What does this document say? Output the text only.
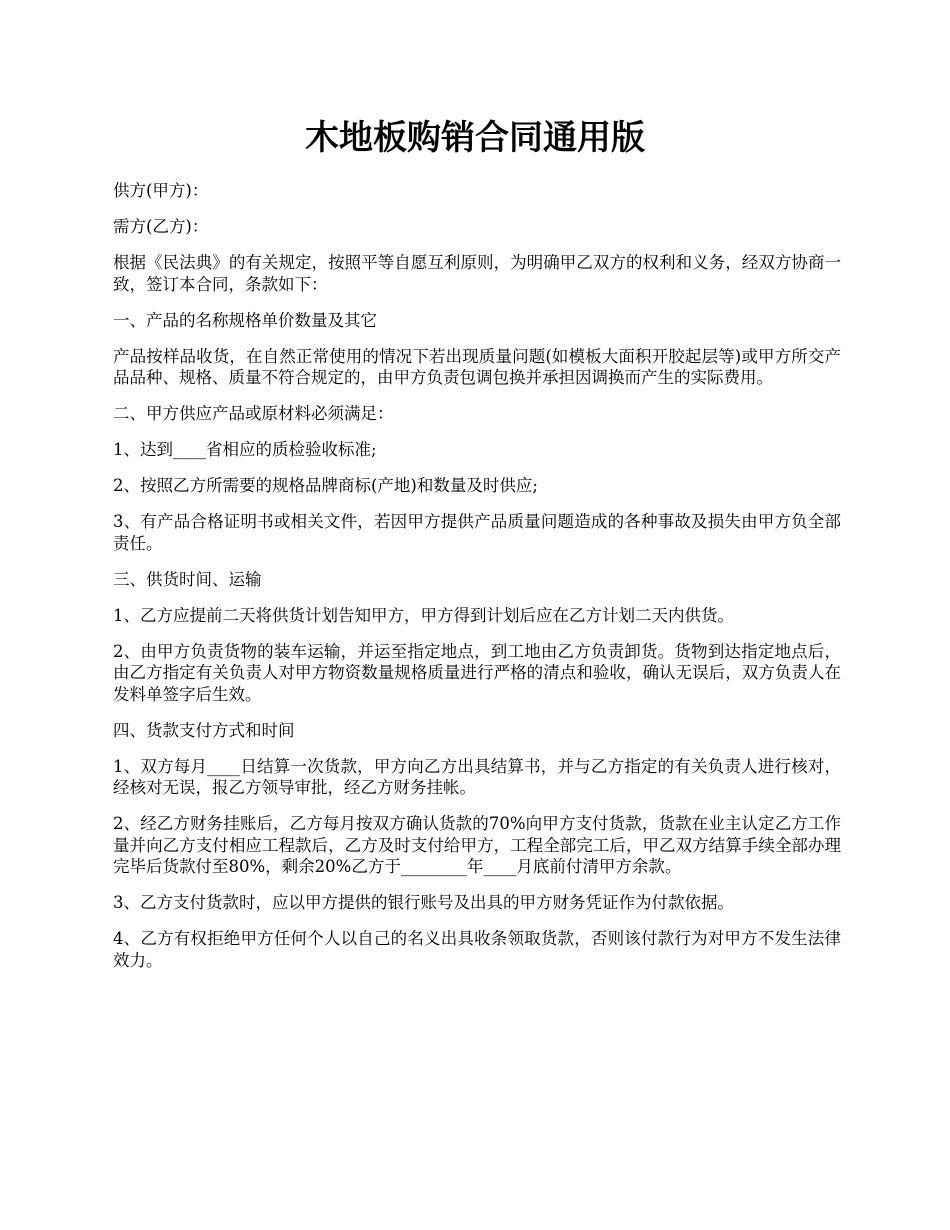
木地板购销合同通用版

供方(甲方)：

需方(乙方)：

根据《民法典》的有关规定，按照平等自愿互利原则，为明确甲乙双方的权利和义务，经双方协商一致，签订本合同，条款如下：

一、产品的名称规格单价数量及其它

产品按样品收货，在自然正常使用的情况下若出现质量问题(如模板大面积开胶起层等)或甲方所交产品品种、规格、质量不符合规定的，由甲方负责包调包换并承担因调换而产生的实际费用。

二、甲方供应产品或原材料必须满足：

1、达到____省相应的质检验收标准;

2、按照乙方所需要的规格品牌商标(产地)和数量及时供应;

3、有产品合格证明书或相关文件，若因甲方提供产品质量问题造成的各种事故及损失由甲方负全部责任。

三、供货时间、运输

1、乙方应提前二天将供货计划告知甲方，甲方得到计划后应在乙方计划二天内供货。

2、由甲方负责货物的装车运输，并运至指定地点，到工地由乙方负责卸货。货物到达指定地点后，由乙方指定有关负责人对甲方物资数量规格质量进行严格的清点和验收，确认无误后，双方负责人在发料单签字后生效。

四、货款支付方式和时间

1、双方每月____日结算一次货款，甲方向乙方出具结算书，并与乙方指定的有关负责人进行核对，经核对无误，报乙方领导审批，经乙方财务挂帐。

2、经乙方财务挂账后，乙方每月按双方确认货款的70%向甲方支付货款，货款在业主认定乙方工作量并向乙方支付相应工程款后，乙方及时支付给甲方，工程全部完工后，甲乙双方结算手续全部办理完毕后货款付至80%，剩余20%乙方于________年____月底前付清甲方余款。

3、乙方支付货款时，应以甲方提供的银行账号及出具的甲方财务凭证作为付款依据。

4、乙方有权拒绝甲方任何个人以自己的名义出具收条领取货款，否则该付款行为对甲方不发生法律效力。
